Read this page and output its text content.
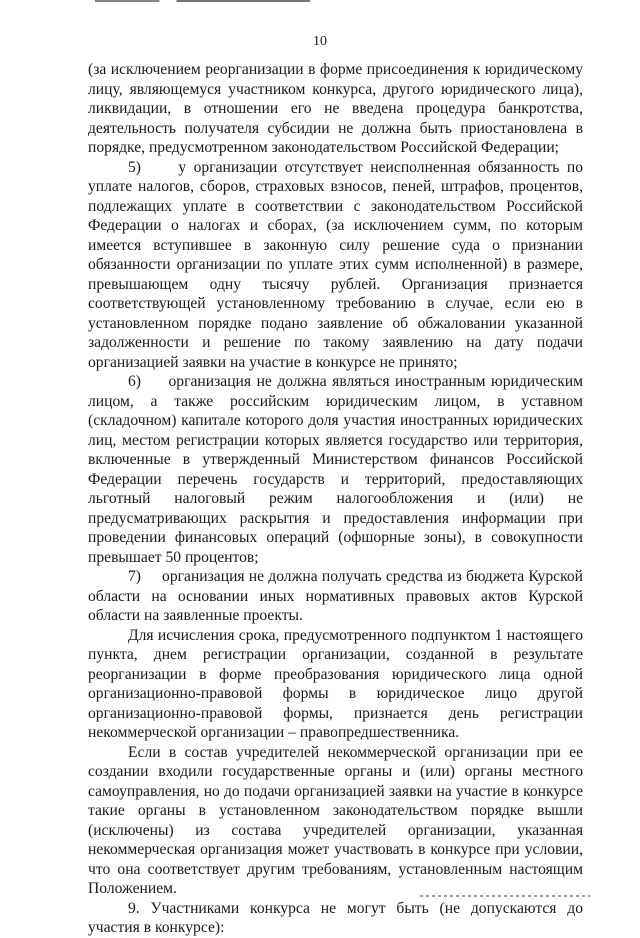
10

(за исключением реорганизации в форме присоединения к юридическому лицу, являющемуся участником конкурса, другого юридического лица), ликвидации, в отношении его не введена процедура банкротства, деятельность получателя субсидии не должна быть приостановлена в порядке, предусмотренном законодательством Российской Федерации;

5)     у организации отсутствует неисполненная обязанность по уплате налогов, сборов, страховых взносов, пеней, штрафов, процентов, подлежащих уплате в соответствии с законодательством Российской Федерации о налогах и сборах, (за исключением сумм, по которым имеется вступившее в законную силу решение суда о признании обязанности организации по уплате этих сумм исполненной) в размере, превышающем одну тысячу рублей. Организация признается соответствующей установленному требованию в случае, если ею в установленном порядке подано заявление об обжаловании указанной задолженности и решение по такому заявлению на дату подачи организацией заявки на участие в конкурсе не принято;

6)     организация не должна являться иностранным юридическим лицом, а также российским юридическим лицом, в уставном (складочном) капитале которого доля участия иностранных юридических лиц, местом регистрации которых является государство или территория, включенные в утвержденный Министерством финансов Российской Федерации перечень государств и территорий, предоставляющих льготный налоговый режим налогообложения и (или) не предусматривающих раскрытия и предоставления информации при проведении финансовых операций (офшорные зоны), в совокупности превышает 50 процентов;

7)     организация не должна получать средства из бюджета Курской области на основании иных нормативных правовых актов Курской области на заявленные проекты.

Для исчисления срока, предусмотренного подпунктом 1 настоящего пункта, днем регистрации организации, созданной в результате реорганизации в форме преобразования юридического лица одной организационно-правовой формы в юридическое лицо другой организационно-правовой формы, признается день регистрации некоммерческой организации – правопредшественника.

Если в состав учредителей некоммерческой организации при ее создании входили государственные органы и (или) органы местного самоуправления, но до подачи организацией заявки на участие в конкурсе такие органы в установленном законодательством порядке вышли (исключены) из состава учредителей организации, указанная некоммерческая организация может участвовать в конкурсе при условии, что она соответствует другим требованиям, установленным настоящим Положением.

9. Участниками конкурса не могут быть (не допускаются до участия в конкурсе):
